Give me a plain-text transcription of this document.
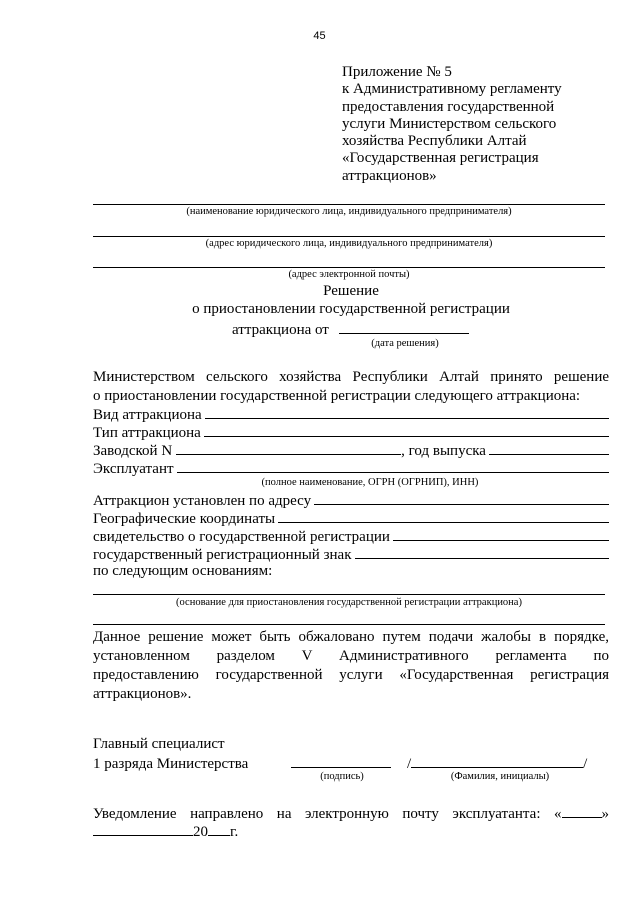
45
Приложение № 5
к Административному регламенту
предоставления государственной
услуги Министерством сельского
хозяйства Республики Алтай
«Государственная регистрация
аттракционов»
(наименование юридического лица, индивидуального предпринимателя)
(адрес юридического лица, индивидуального предпринимателя)
(адрес электронной почты)
Решение
о приостановлении государственной регистрации
аттракциона от
(дата решения)
Министерством сельского хозяйства Республики Алтай принято решение
о приостановлении государственной регистрации следующего аттракциона:
Вид аттракциона
Тип аттракциона
Заводской N	, год выпуска
Эксплуатант
(полное наименование, ОГРН (ОГРНИП), ИНН)
Аттракцион установлен по адресу
Географические координаты
свидетельство о государственной регистрации
государственный регистрационный знак
по следующим основаниям:
(основание для приостановления государственной регистрации аттракциона)
Данное решение может быть обжаловано путем подачи жалобы в порядке,
установленном разделом V Административного регламента по
предоставлению государственной услуги «Государственная регистрация
аттракционов».
Главный специалист
1 разряда Министерства	/	/
(подпись)	(Фамилия, инициалы)
Уведомление направлено на электронную почту эксплуатанта: «	»
20 г.
